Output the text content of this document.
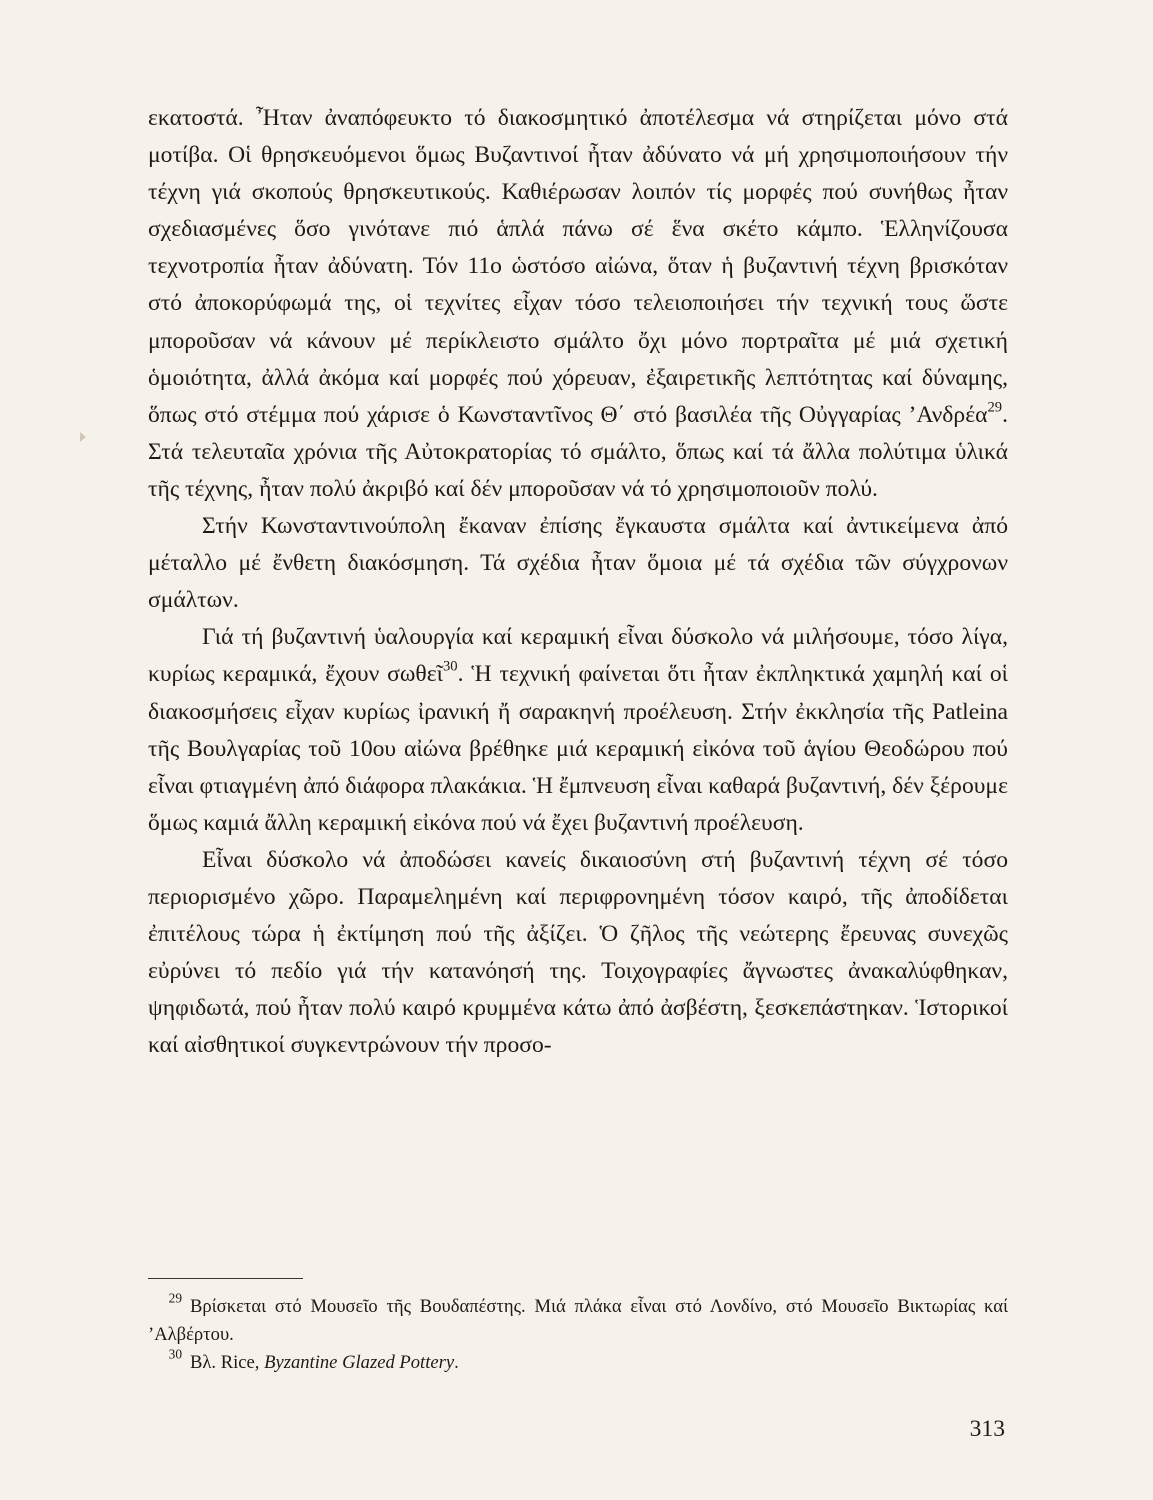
εκατοστά. Ἦταν ἀναπόφευκτο τό διακοσμητικό ἀποτέλεσμα νά στηρίζεται μόνο στά μοτίβα. Οἱ θρησκευόμενοι ὅμως Βυζαντινοί ἦταν ἀδύνατο νά μή χρησιμοποιήσουν τήν τέχνη γιά σκοπούς θρησκευτικούς. Καθιέρωσαν λοιπόν τίς μορφές πού συνήθως ἦταν σχεδιασμένες ὅσο γινότανε πιό ἁπλά πάνω σέ ἕνα σκέτο κάμπο. Ἑλληνίζουσα τεχνοτροπία ἦταν ἀδύνατη. Τόν 11ο ὡστόσο αἰώνα, ὅταν ἡ βυζαντινή τέχνη βρισκόταν στό ἀποκορύφωμά της, οἱ τεχνίτες εἶχαν τόσο τελειοποιήσει τήν τεχνική τους ὥστε μποροῦσαν νά κάνουν μέ περίκλειστο σμάλτο ὄχι μόνο πορτραῖτα μέ μιά σχετική ὁμοιότητα, ἀλλά ἀκόμα καί μορφές πού χόρευαν, ἐξαιρετικῆς λεπτότητας καί δύναμης, ὅπως στό στέμμα πού χάρισε ὁ Κωνσταντῖνος Θ΄ στό βασιλέα τῆς Οὐγγαρίας ’Ανδρέα$^{29}$. Στά τελευταῖα χρόνια τῆς Αὐτοκρατορίας τό σμάλτο, ὅπως καί τά ἄλλα πολύτιμα ὑλικά τῆς τέχνης, ἦταν πολύ ἀκριβό καί δέν μποροῦσαν νά τό χρησιμοποιοῦν πολύ.

Στήν Κωνσταντινούπολη ἔκαναν ἐπίσης ἔγκαυστα σμάλτα καί ἀντικείμενα ἀπό μέταλλο μέ ἔνθετη διακόσμηση. Τά σχέδια ἦταν ὅμοια μέ τά σχέδια τῶν σύγχρονων σμάλτων.

Γιά τή βυζαντινή ὑαλουργία καί κεραμική εἶναι δύσκολο νά μιλήσουμε, τόσο λίγα, κυρίως κεραμικά, ἔχουν σωθεῖ$^{30}$. Ἡ τεχνική φαίνεται ὅτι ἦταν ἐκπληκτικά χαμηλή καί οἱ διακοσμήσεις εἶχαν κυρίως ἰρανική ἤ σαρακηνή προέλευση. Στήν ἐκκλησία τῆς Patleina τῆς Βουλγαρίας τοῦ 10ου αἰώνα βρέθηκε μιά κεραμική εἰκόνα τοῦ ἁγίου Θεοδώρου πού εἶναι φτιαγμένη ἀπό διάφορα πλακάκια. Ἡ ἔμπνευση εἶναι καθαρά βυζαντινή, δέν ξέρουμε ὅμως καμιά ἄλλη κεραμική εἰκόνα πού νά ἔχει βυζαντινή προέλευση.

Εἶναι δύσκολο νά ἀποδώσει κανείς δικαιοσύνη στή βυζαντινή τέχνη σέ τόσο περιορισμένο χῶρο. Παραμελημένη καί περιφρονημένη τόσον καιρό, τῆς ἀποδίδεται ἐπιτέλους τώρα ἡ ἐκτίμηση πού τῆς ἀξίζει. Ὁ ζῆλος τῆς νεώτερης ἔρευνας συνεχῶς εὐρύνει τό πεδίο γιά τήν κατανόησή της. Τοιχογραφίες ἄγνωστες ἀνακαλύφθηκαν, ψηφιδωτά, πού ἦταν πολύ καιρό κρυμμένα κάτω ἀπό ἀσβέστη, ξεσκεπάστηκαν. Ἱστορικοί καί αἰσθητικοί συγκεντρώνουν τήν προσο-

$^{29}$ Βρίσκεται στό Μουσεῖο τῆς Βουδαπέστης. Μιά πλάκα εἶναι στό Λονδίνο, στό Μουσεῖο Βικτωρίας καί ’Αλβέρτου.

$^{30}$ Βλ. Rice, Byzantine Glazed Pottery.

313
